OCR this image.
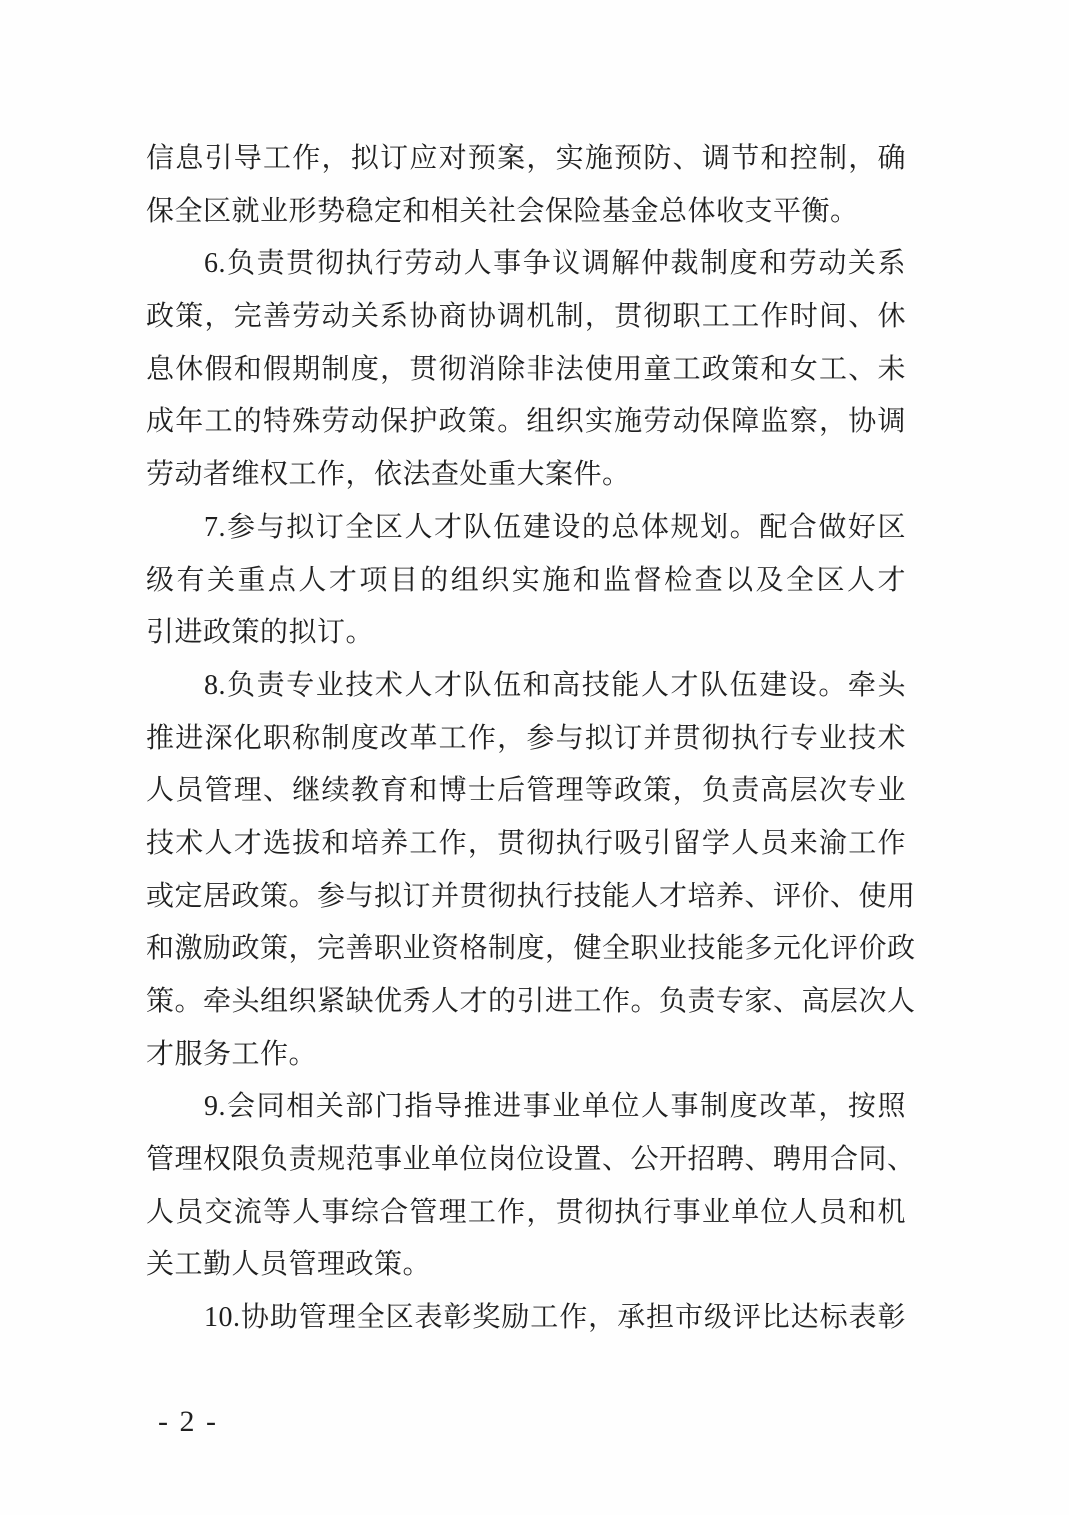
信息引导工作，拟订应对预案，实施预防、调节和控制，确
保全区就业形势稳定和相关社会保险基金总体收支平衡。
6.负责贯彻执行劳动人事争议调解仲裁制度和劳动关系
政策，完善劳动关系协商协调机制，贯彻职工工作时间、休
息休假和假期制度，贯彻消除非法使用童工政策和女工、未
成年工的特殊劳动保护政策。组织实施劳动保障监察，协调
劳动者维权工作，依法查处重大案件。
7.参与拟订全区人才队伍建设的总体规划。配合做好区
级有关重点人才项目的组织实施和监督检查以及全区人才
引进政策的拟订。
8.负责专业技术人才队伍和高技能人才队伍建设。牵头
推进深化职称制度改革工作，参与拟订并贯彻执行专业技术
人员管理、继续教育和博士后管理等政策，负责高层次专业
技术人才选拔和培养工作，贯彻执行吸引留学人员来渝工作
或定居政策。参与拟订并贯彻执行技能人才培养、评价、使用
和激励政策，完善职业资格制度，健全职业技能多元化评价政
策。牵头组织紧缺优秀人才的引进工作。负责专家、高层次人
才服务工作。
9.会同相关部门指导推进事业单位人事制度改革，按照
管理权限负责规范事业单位岗位设置、公开招聘、聘用合同、
人员交流等人事综合管理工作，贯彻执行事业单位人员和机
关工勤人员管理政策。
10.协助管理全区表彰奖励工作，承担市级评比达标表彰
- 2 -
